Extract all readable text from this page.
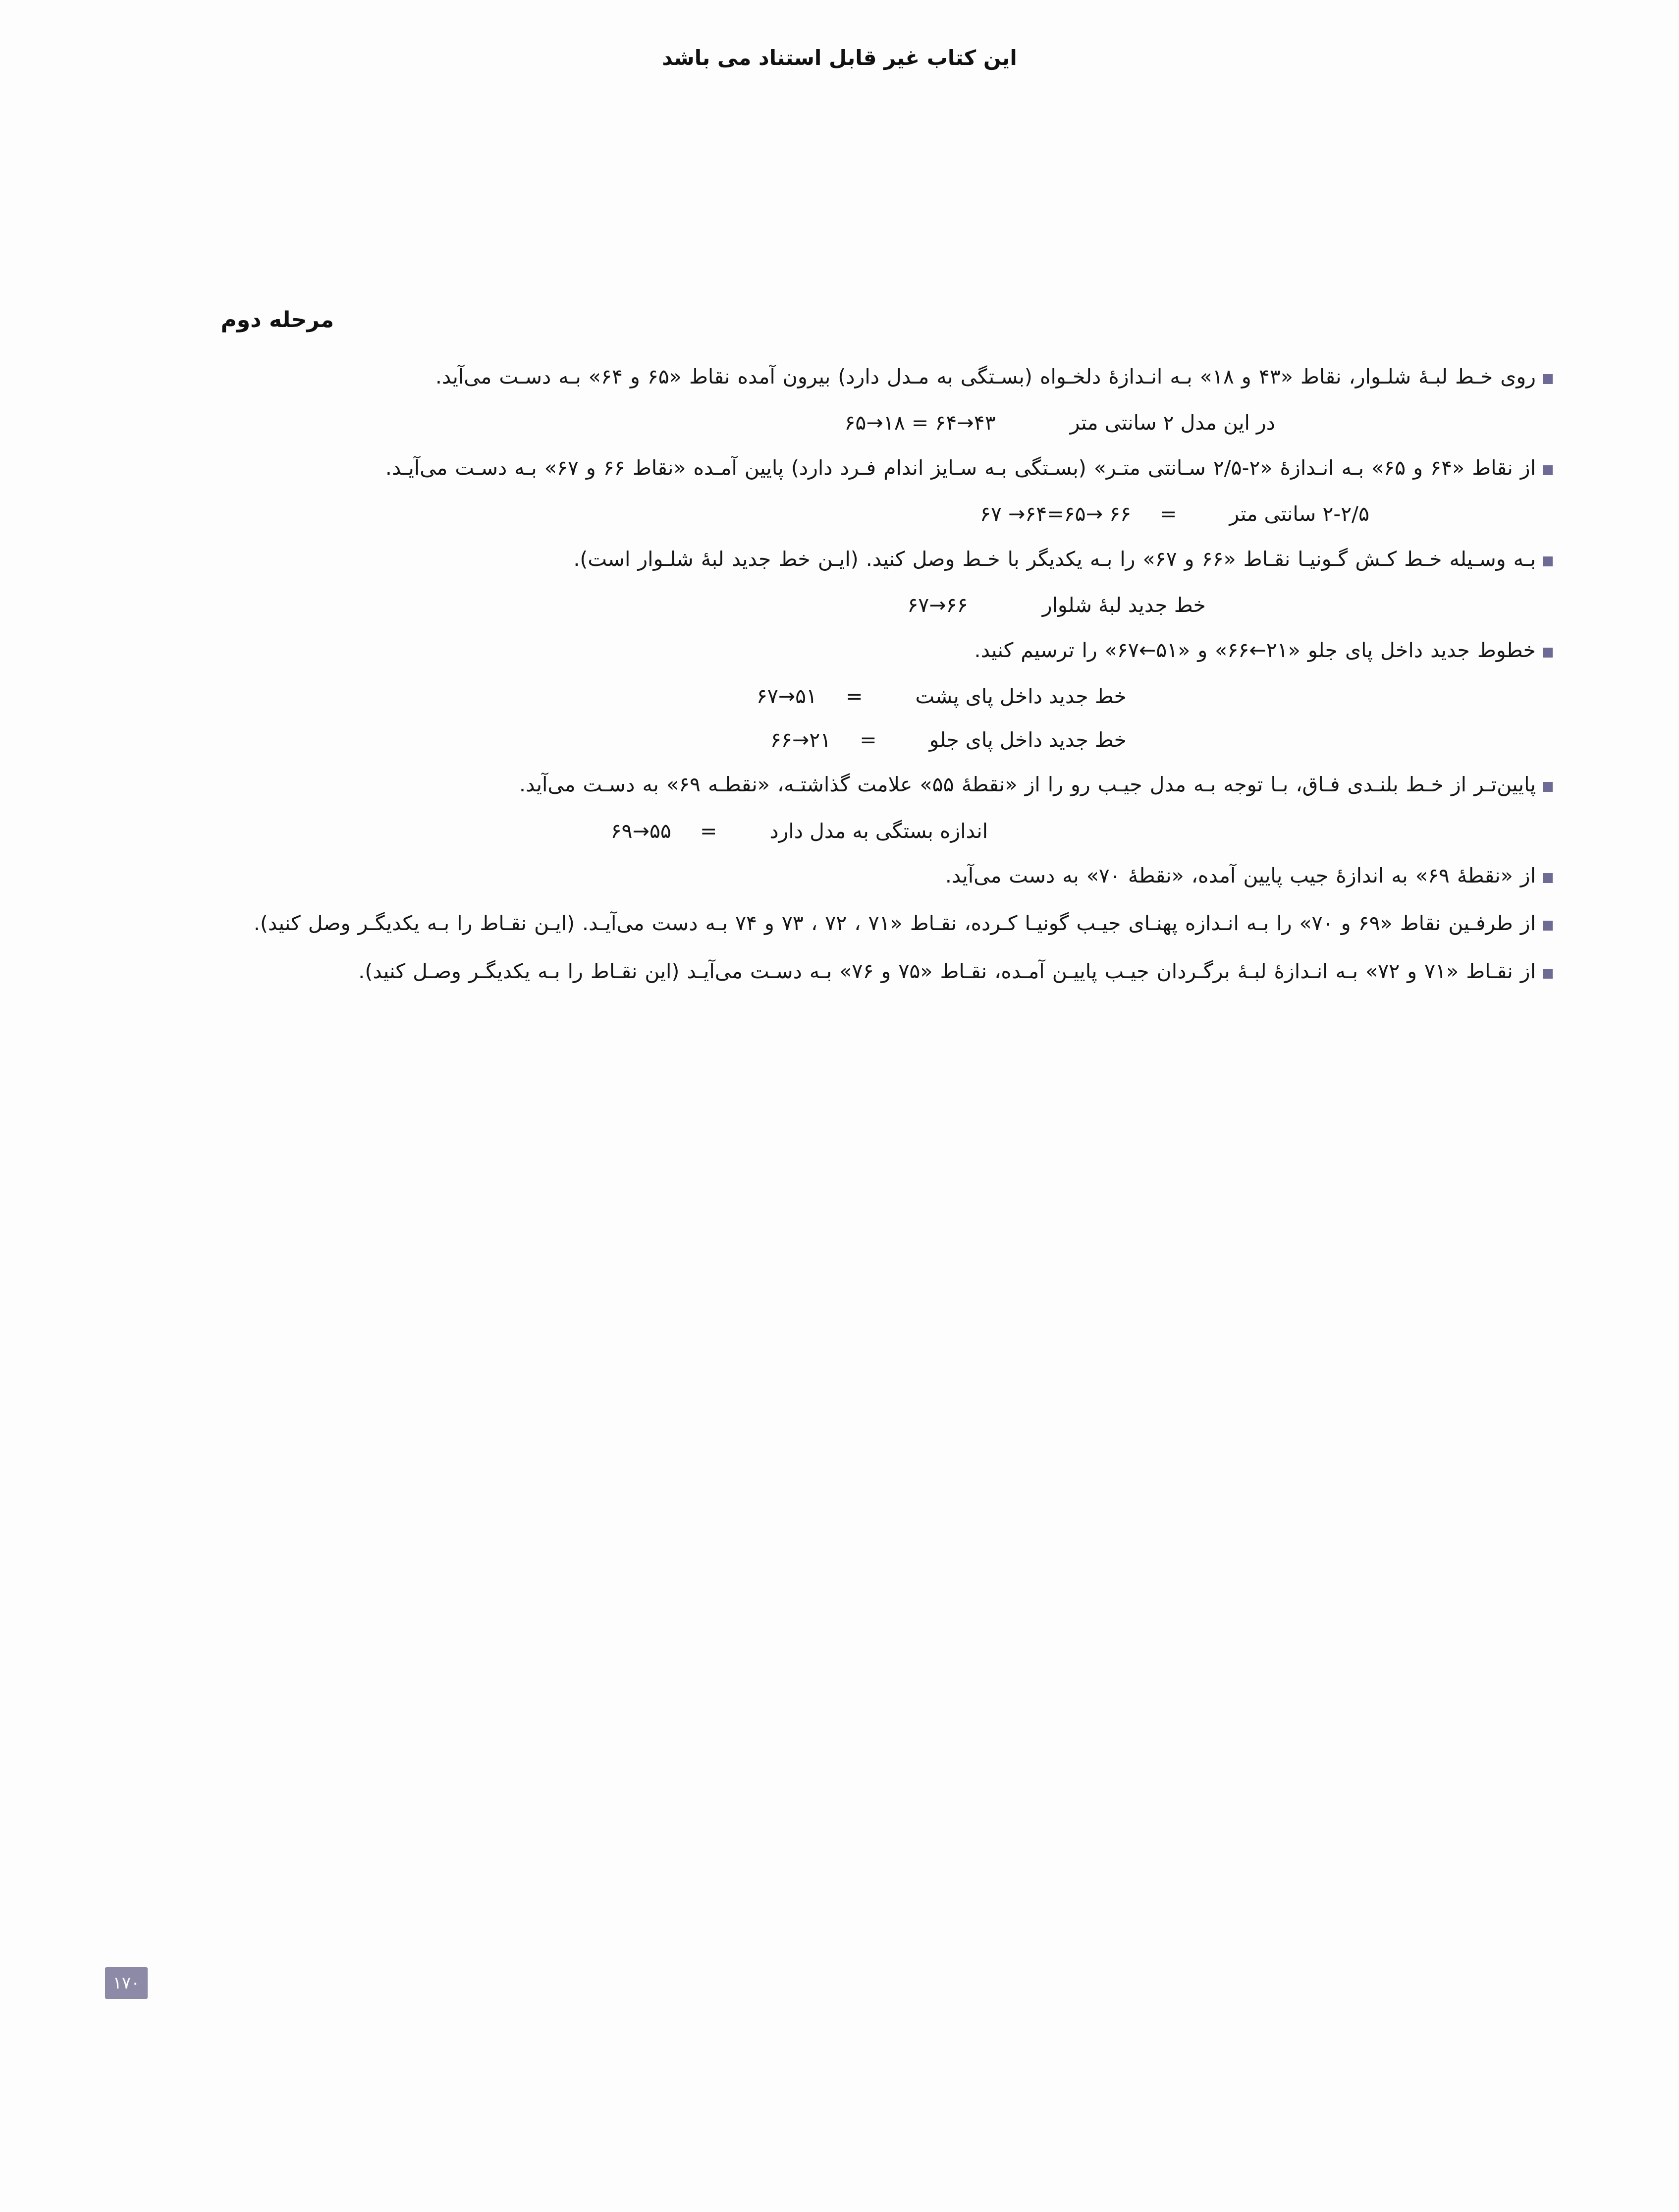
این کتاب غیر قابل استناد می باشد
مرحله دوم
روی خـط لبـۀ شلـوار، نقاط «۴۳ و ۱۸» بـه انـدازۀ دلخـواه (بسـتگی به مـدل دارد) بیرون آمده نقاط «۶۵ و ۶۴» بـه دسـت می‌آید.
در این مدل ۲ سانتی متر
۶۵→۱۸ = ۶۴→۴۳
از نقاط «۶۴ و ۶۵» بـه انـدازۀ «۲-۲/۵ سـانتی متـر» (بسـتگی بـه سـایز اندام فـرد دارد) پایین آمـده «نقاط ۶۶ و ۶۷» بـه دسـت می‌آیـد.
۲-۲/۵ سانتی متر
=
۶۷ →۶۴=۶۵→ ۶۶
بـه وسـیله خـط کـش گـونیـا نقـاط «۶۶ و ۶۷» را بـه یکدیگر با خـط وصل کنید. (ایـن خط جدید لبۀ شلـوار است).
خط جدید لبۀ شلوار
۶۷→۶۶
خطوط جدید داخل پای جلو «۲۱←۶۶» و «۵۱←۶۷» را ترسیم کنید.
خط جدید داخل پای پشت
=
۶۷→۵۱
خط جدید داخل پای جلو
=
۶۶→۲۱
پایین‌تـر از خـط بلنـدی فـاق، بـا توجه بـه مدل جیـب رو را از «نقطۀ ۵۵» علامت گذاشتـه، «نقطـه ۶۹» به دسـت می‌آید.
اندازه بستگی به مدل دارد
=
۶۹→۵۵
از «نقطۀ ۶۹» به اندازۀ جیب پایین آمده، «نقطۀ ۷۰» به دست می‌آید.
از طرفـین نقاط «۶۹ و ۷۰» را بـه انـدازه پهنـای جیـب گونیـا کـرده، نقـاط «۷۱ ، ۷۲ ، ۷۳ و ۷۴ بـه دست می‌آیـد. (ایـن نقـاط را بـه یکدیگـر وصل کنید).
از نقـاط «۷۱ و ۷۲» بـه انـدازۀ لبـۀ برگـردان جیـب پاییـن آمـده، نقـاط «۷۵ و ۷۶» بـه دسـت می‌آیـد (این نقـاط را بـه یکدیگـر وصـل کنید).
۱۷۰
